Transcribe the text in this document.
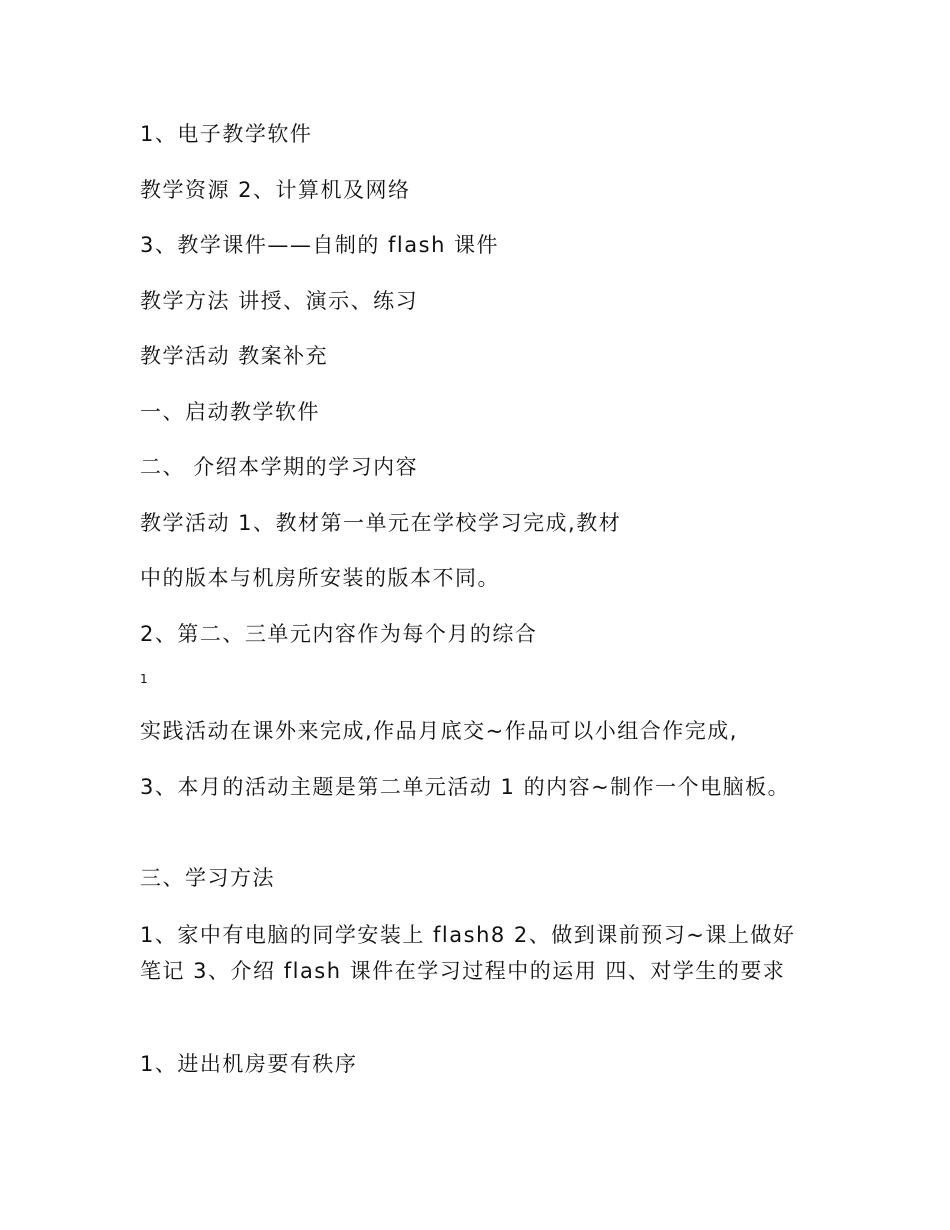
1、电子教学软件

教学资源 2、计算机及网络

3、教学课件——自制的 flash 课件

教学方法 讲授、演示、练习

教学活动 教案补充

一、启动教学软件

二、 介绍本学期的学习内容

教学活动 1、教材第一单元在学校学习完成,教材

中的版本与机房所安装的版本不同。

2、第二、三单元内容作为每个月的综合

1

实践活动在课外来完成,作品月底交~作品可以小组合作完成,

3、本月的活动主题是第二单元活动 1 的内容~制作一个电脑板。

三、学习方法

1、家中有电脑的同学安装上 flash8 2、做到课前预习~课上做好笔记 3、介绍 flash 课件在学习过程中的运用 四、对学生的要求

1、进出机房要有秩序
